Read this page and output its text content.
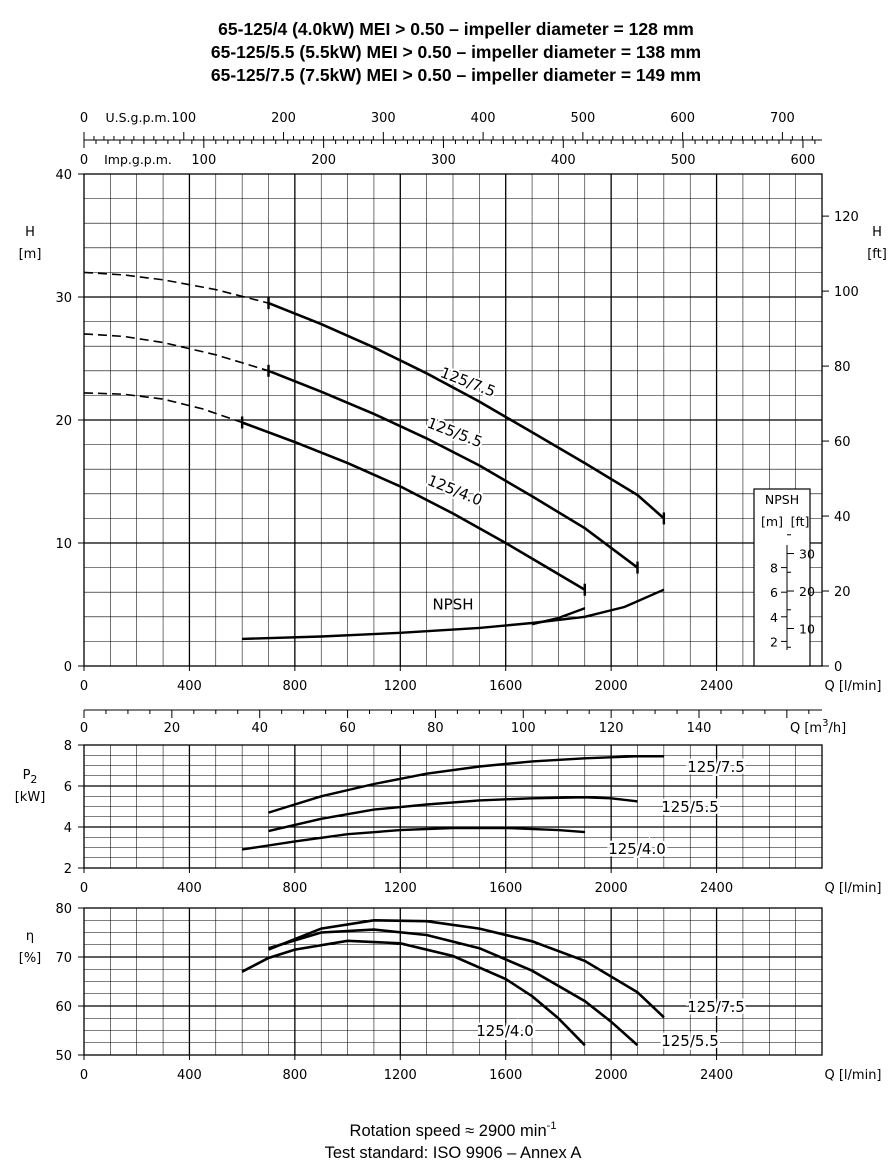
65-125/4 (4.0kW) MEI > 0.50 – impeller diameter = 128 mm
65-125/5.5 (5.5kW) MEI > 0.50 – impeller diameter = 138 mm
65-125/7.5 (7.5kW) MEI > 0.50 – impeller diameter = 149 mm
0	400	800	1200	1600	2000	2400	Q [l/min]
0
10
20
30
40
H
[m]
0
20
40
60
80
100
120
H
[ft]
0 U.S.g.p.m. 100	200	300	400	500	600	700
0 Imp.g.p.m. 100	200	300	400	500	600
125/7.5
125/5.5
125/4.0
NPSH
NPSH
[m] [ft]
2
4
6
8
10
20
30
0	20	40	60	80	100	120	140	Q $[m^3/h]$
0	400	800	1200	1600	2000	2400	Q [l/min]
2
4
6
8
$P_2$
[kW]
125/7.5
125/5.5
125/4.0
0	400	800	1200	1600	2000	2400	Q [l/min]
50
60
70
80
η
[%]
125/7.5
125/5.5
125/4.0
Rotation speed ≈ 2900 $\min^{-1}$
Test standard: ISO 9906 – Annex A
